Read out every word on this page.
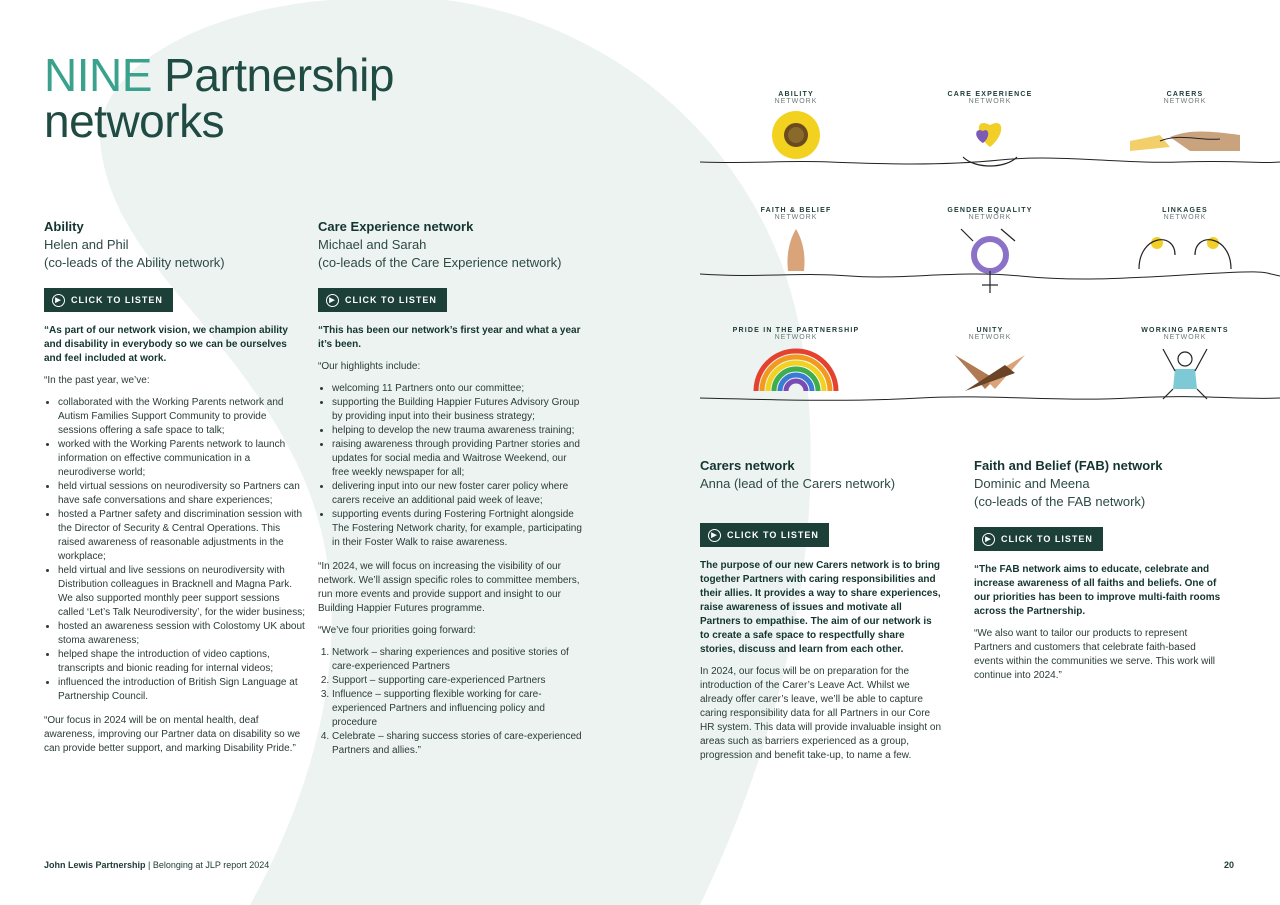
NINE Partnership
networks
Ability
Helen and Phil
(co-leads of the Ability network)
▶	CLICK TO LISTEN

“As part of our network vision, we champion ability and disability in everybody so we can be ourselves and feel included at work.

“In the past year, we’ve:

• collaborated with the Working Parents network and Autism Families Support Community to provide sessions offering a safe space to talk;
• worked with the Working Parents network to launch information on effective communication in a neurodiverse world;
• held virtual sessions on neurodiversity so Partners can have safe conversations and share experiences;
• hosted a Partner safety and discrimination session with the Director of Security & Central Operations. This raised awareness of reasonable adjustments in the workplace;
• held virtual and live sessions on neurodiversity with Distribution colleagues in Bracknell and Magna Park. We also supported monthly peer support sessions called ‘Let’s Talk Neurodiversity’, for the wider business;
• hosted an awareness session with Colostomy UK about stoma awareness;
• helped shape the introduction of video captions, transcripts and bionic reading for internal videos;
• influenced the introduction of British Sign Language at Partnership Council.

“Our focus in 2024 will be on mental health, deaf awareness, improving our Partner data on disability so we can provide better support, and marking Disability Pride.”

Care Experience network
Michael and Sarah
(co-leads of the Care Experience network)
▶	CLICK TO LISTEN

“This has been our network’s first year and what a year it’s been.

“Our highlights include:

• welcoming 11 Partners onto our committee;
• supporting the Building Happier Futures Advisory Group by providing input into their business strategy;
• helping to develop the new trauma awareness training;
• raising awareness through providing Partner stories and updates for social media and Waitrose Weekend, our free weekly newspaper for all;
• delivering input into our new foster carer policy where carers receive an additional paid week of leave;
• supporting events during Fostering Fortnight alongside The Fostering Network charity, for example, participating in their Foster Walk to raise awareness.

“In 2024, we will focus on increasing the visibility of our network. We’ll assign specific roles to committee members, run more events and provide support and insight to our Building Happier Futures programme.

“We’ve four priorities going forward:

1. Network – sharing experiences and positive stories of care-experienced Partners
2. Support – supporting care-experienced Partners
3. Influence – supporting flexible working for care-experienced Partners and influencing policy and procedure
4. Celebrate – sharing success stories of care-experienced Partners and allies.”
ABILITY
NETWORK
CARE EXPERIENCE
NETWORK
CARERS
NETWORK
FAITH & BELIEF
NETWORK
GENDER EQUALITY
NETWORK
LINKAGES
NETWORK
PRIDE IN THE PARTNERSHIP
NETWORK
UNITY
NETWORK
WORKING PARENTS
NETWORK
Carers network
Anna (lead of the Carers network)
▶	CLICK TO LISTEN

The purpose of our new Carers network is to bring together Partners with caring responsibilities and their allies. It provides a way to share experiences, raise awareness of issues and motivate all Partners to empathise. The aim of our network is to create a safe space to respectfully share stories, discuss and learn from each other.

In 2024, our focus will be on preparation for the introduction of the Carer’s Leave Act. Whilst we already offer carer’s leave, we’ll be able to capture caring responsibility data for all Partners in our Core HR system. This data will provide invaluable insight on areas such as barriers experienced as a group, progression and benefit take-up, to name a few.

Faith and Belief (FAB) network
Dominic and Meena
(co-leads of the FAB network)
▶	CLICK TO LISTEN

“The FAB network aims to educate, celebrate and increase awareness of all faiths and beliefs. One of our priorities has been to improve multi-faith rooms across the Partnership.

“We also want to tailor our products to represent Partners and customers that celebrate faith-based events within the communities we serve. This work will continue into 2024.”

John Lewis Partnership | Belonging at JLP report 2024	20
